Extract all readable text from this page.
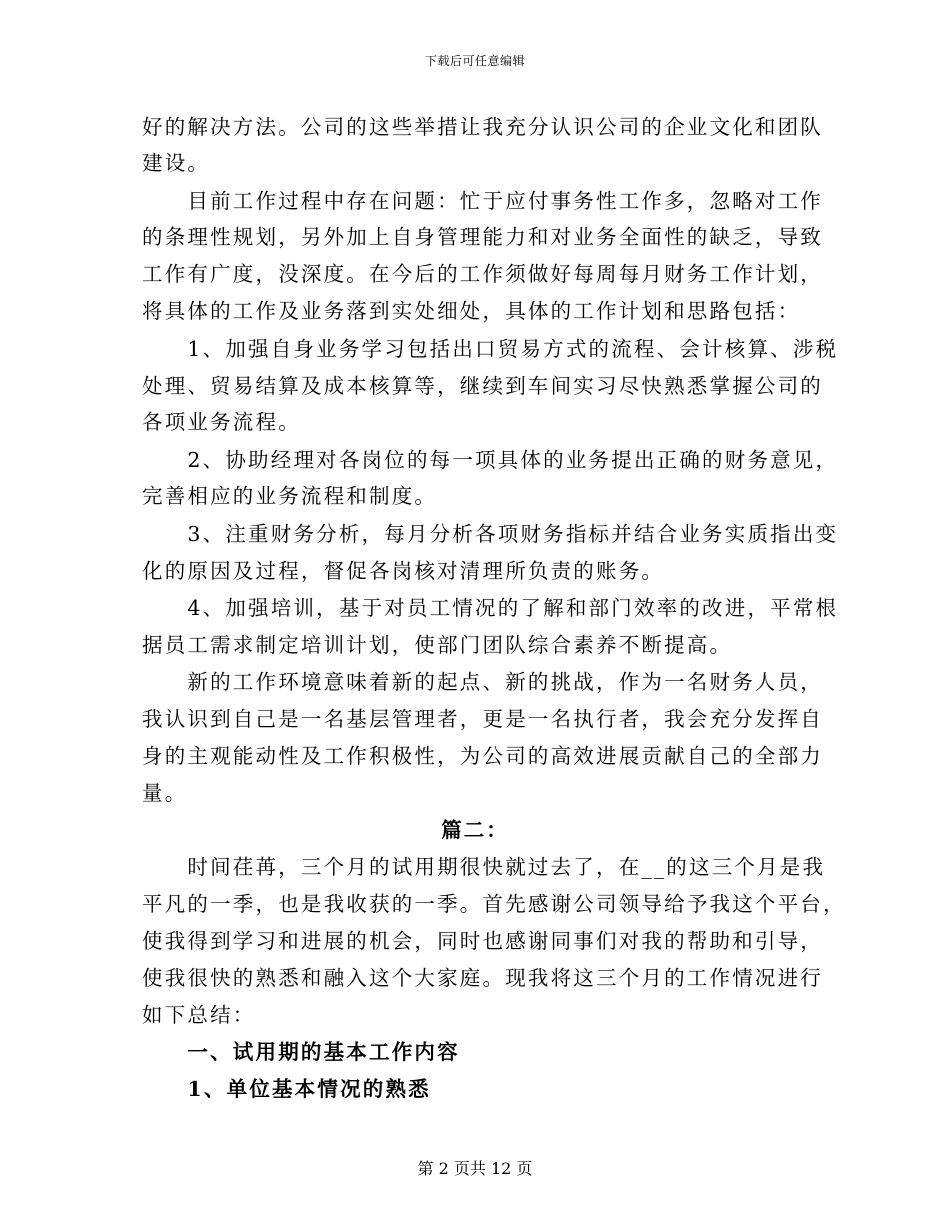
下载后可任意编辑
好的解决方法。公司的这些举措让我充分认识公司的企业文化和团队
建设。
　　目前工作过程中存在问题：忙于应付事务性工作多，忽略对工作
的条理性规划，另外加上自身管理能力和对业务全面性的缺乏，导致
工作有广度，没深度。在今后的工作须做好每周每月财务工作计划，
将具体的工作及业务落到实处细处，具体的工作计划和思路包括：
　　1、加强自身业务学习包括出口贸易方式的流程、会计核算、涉税
处理、贸易结算及成本核算等，继续到车间实习尽快熟悉掌握公司的
各项业务流程。
　　2、协助经理对各岗位的每一项具体的业务提出正确的财务意见，
完善相应的业务流程和制度。
　　3、注重财务分析，每月分析各项财务指标并结合业务实质指出变
化的原因及过程，督促各岗核对清理所负责的账务。
　　4、加强培训，基于对员工情况的了解和部门效率的改进，平常根
据员工需求制定培训计划，使部门团队综合素养不断提高。
　　新的工作环境意味着新的起点、新的挑战，作为一名财务人员，
我认识到自己是一名基层管理者，更是一名执行者，我会充分发挥自
身的主观能动性及工作积极性，为公司的高效进展贡献自己的全部力
量。
篇二：
　　时间荏苒，三个月的试用期很快就过去了，在__的这三个月是我
平凡的一季，也是我收获的一季。首先感谢公司领导给予我这个平台，
使我得到学习和进展的机会，同时也感谢同事们对我的帮助和引导，
使我很快的熟悉和融入这个大家庭。现我将这三个月的工作情况进行
如下总结：
　　一、试用期的基本工作内容
　　1、单位基本情况的熟悉
第 2 页共 12 页
